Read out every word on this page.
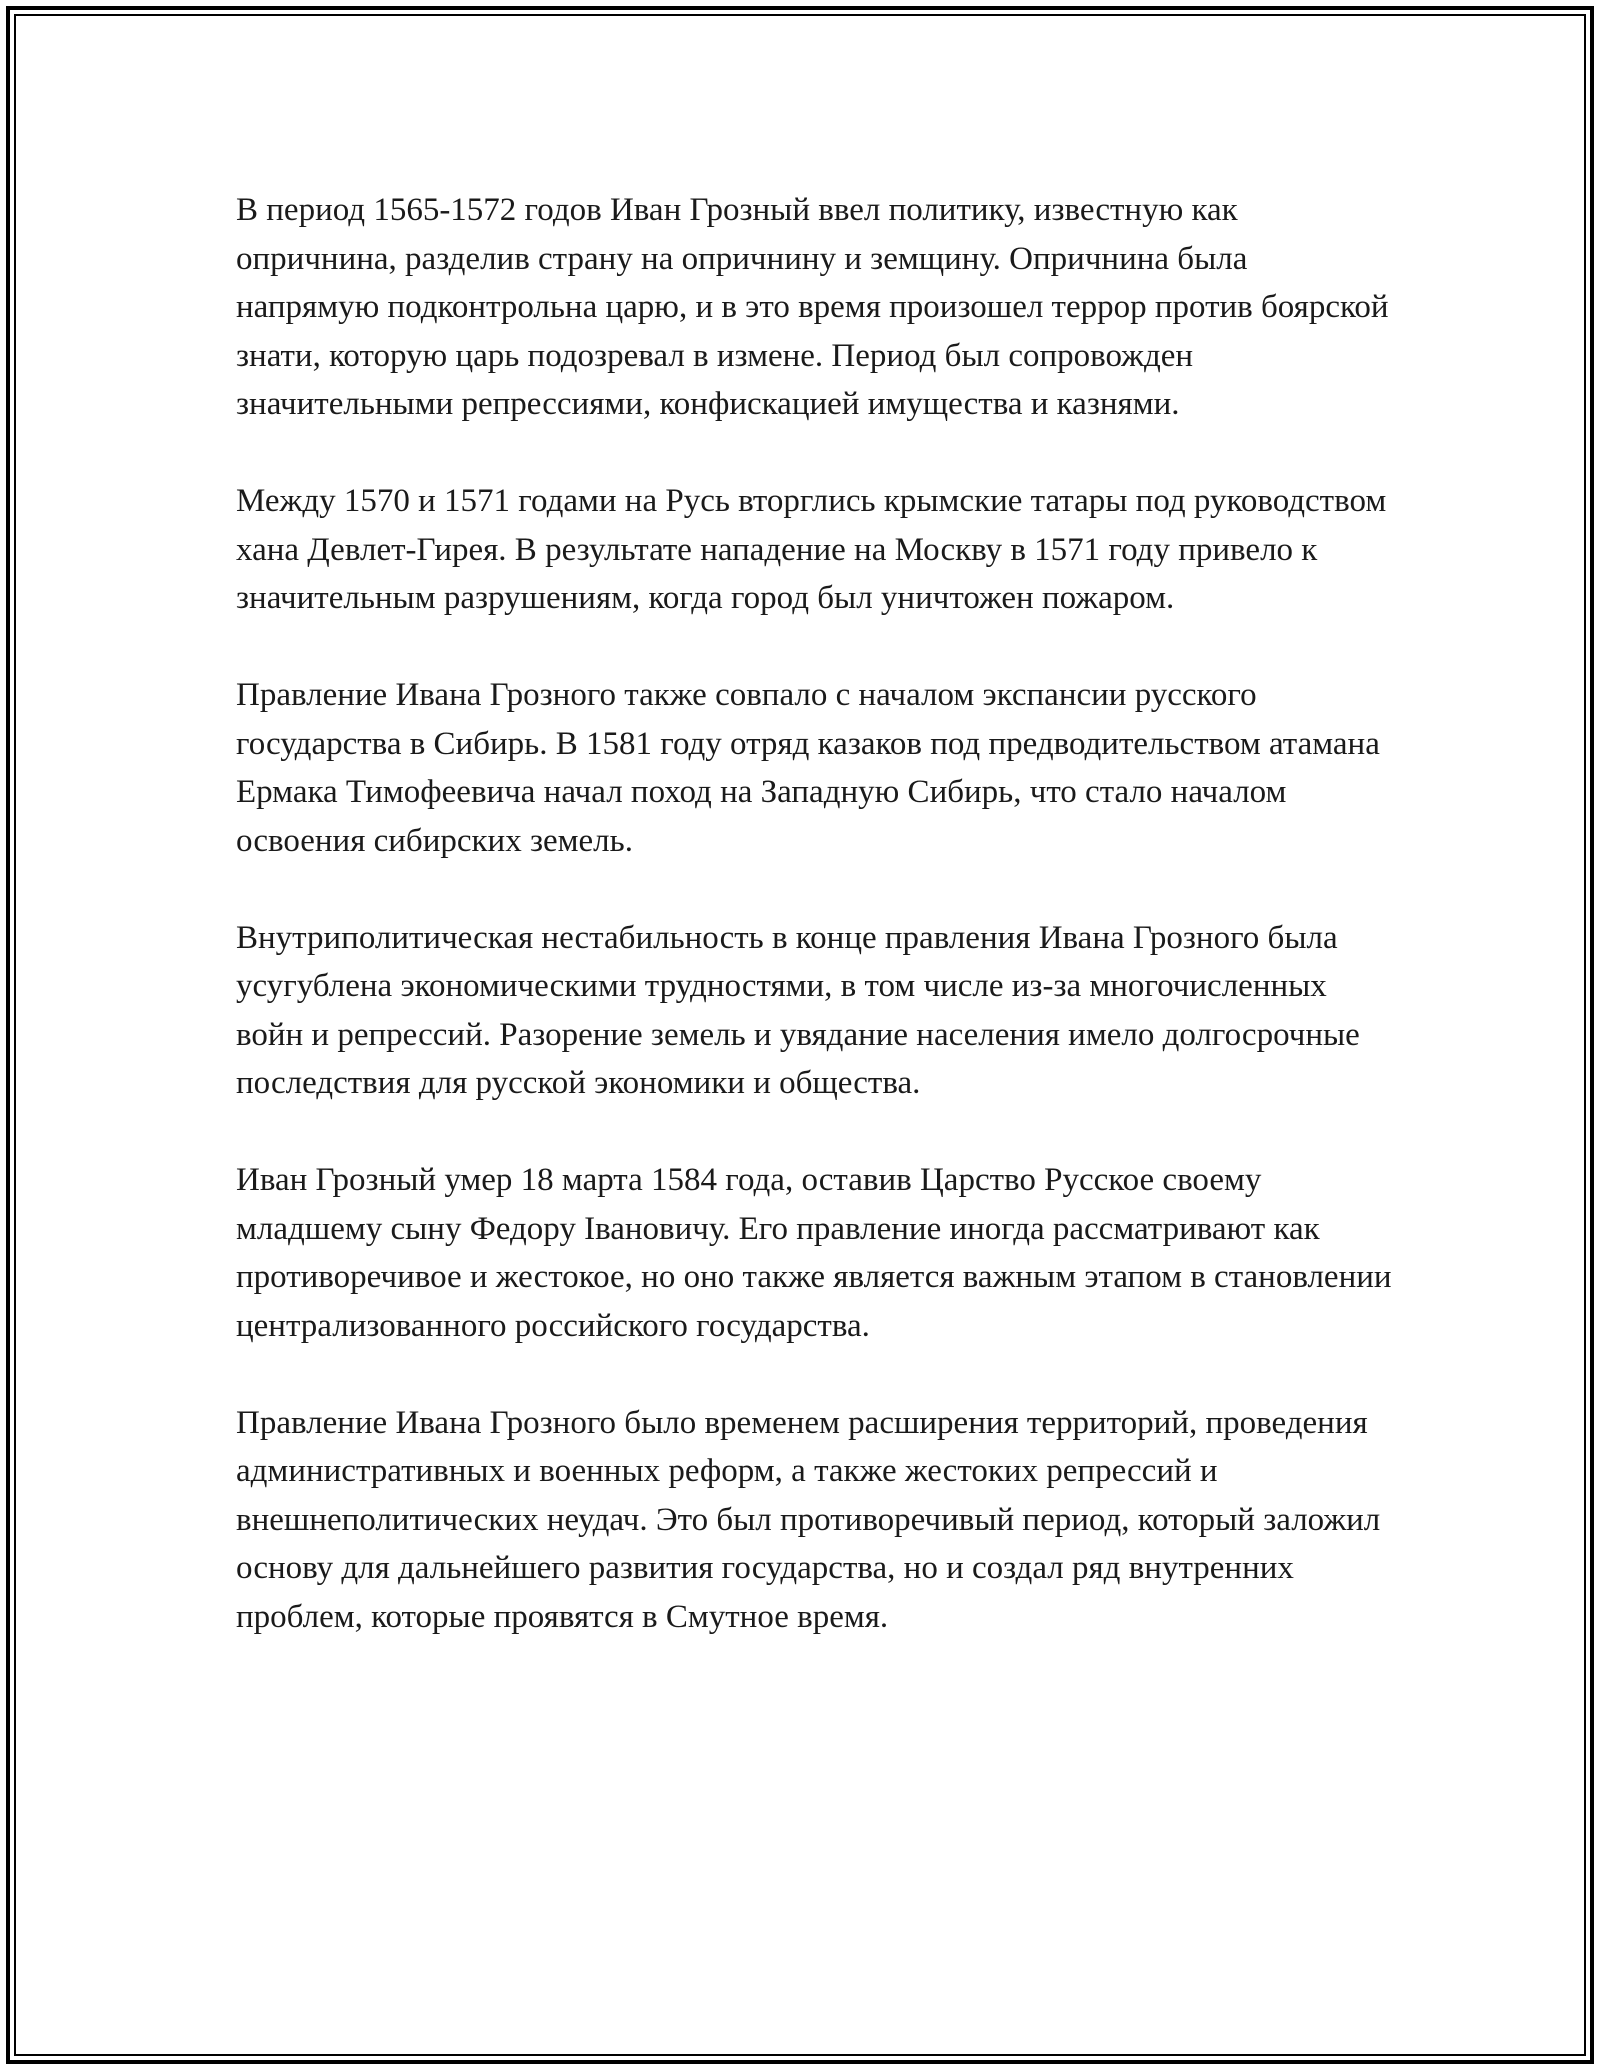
В период 1565-1572 годов Иван Грозный ввел политику, известную как опричнина, разделив страну на опричнину и земщину. Опричнина была напрямую подконтрольна царю, и в это время произошел террор против боярской знати, которую царь подозревал в измене. Период был сопровожден значительными репрессиями, конфискацией имущества и казнями.

Между 1570 и 1571 годами на Русь вторглись крымские татары под руководством хана Девлет-Гирея. В результате нападение на Москву в 1571 году привело к значительным разрушениям, когда город был уничтожен пожаром.

Правление Ивана Грозного также совпало с началом экспансии русского государства в Сибирь. В 1581 году отряд казаков под предводительством атамана Ермака Тимофеевича начал поход на Западную Сибирь, что стало началом освоения сибирских земель.

Внутриполитическая нестабильность в конце правления Ивана Грозного была усугублена экономическими трудностями, в том числе из-за многочисленных войн и репрессий. Разорение земель и увядание населения имело долгосрочные последствия для русской экономики и общества.

Иван Грозный умер 18 марта 1584 года, оставив Царство Русское своему младшему сыну Федору Івановичу. Его правление иногда рассматривают как противоречивое и жестокое, но оно также является важным этапом в становлении централизованного российского государства.

Правление Ивана Грозного было временем расширения территорий, проведения административных и военных реформ, а также жестоких репрессий и внешнеполитических неудач. Это был противоречивый период, который заложил основу для дальнейшего развития государства, но и создал ряд внутренних проблем, которые проявятся в Смутное время.
